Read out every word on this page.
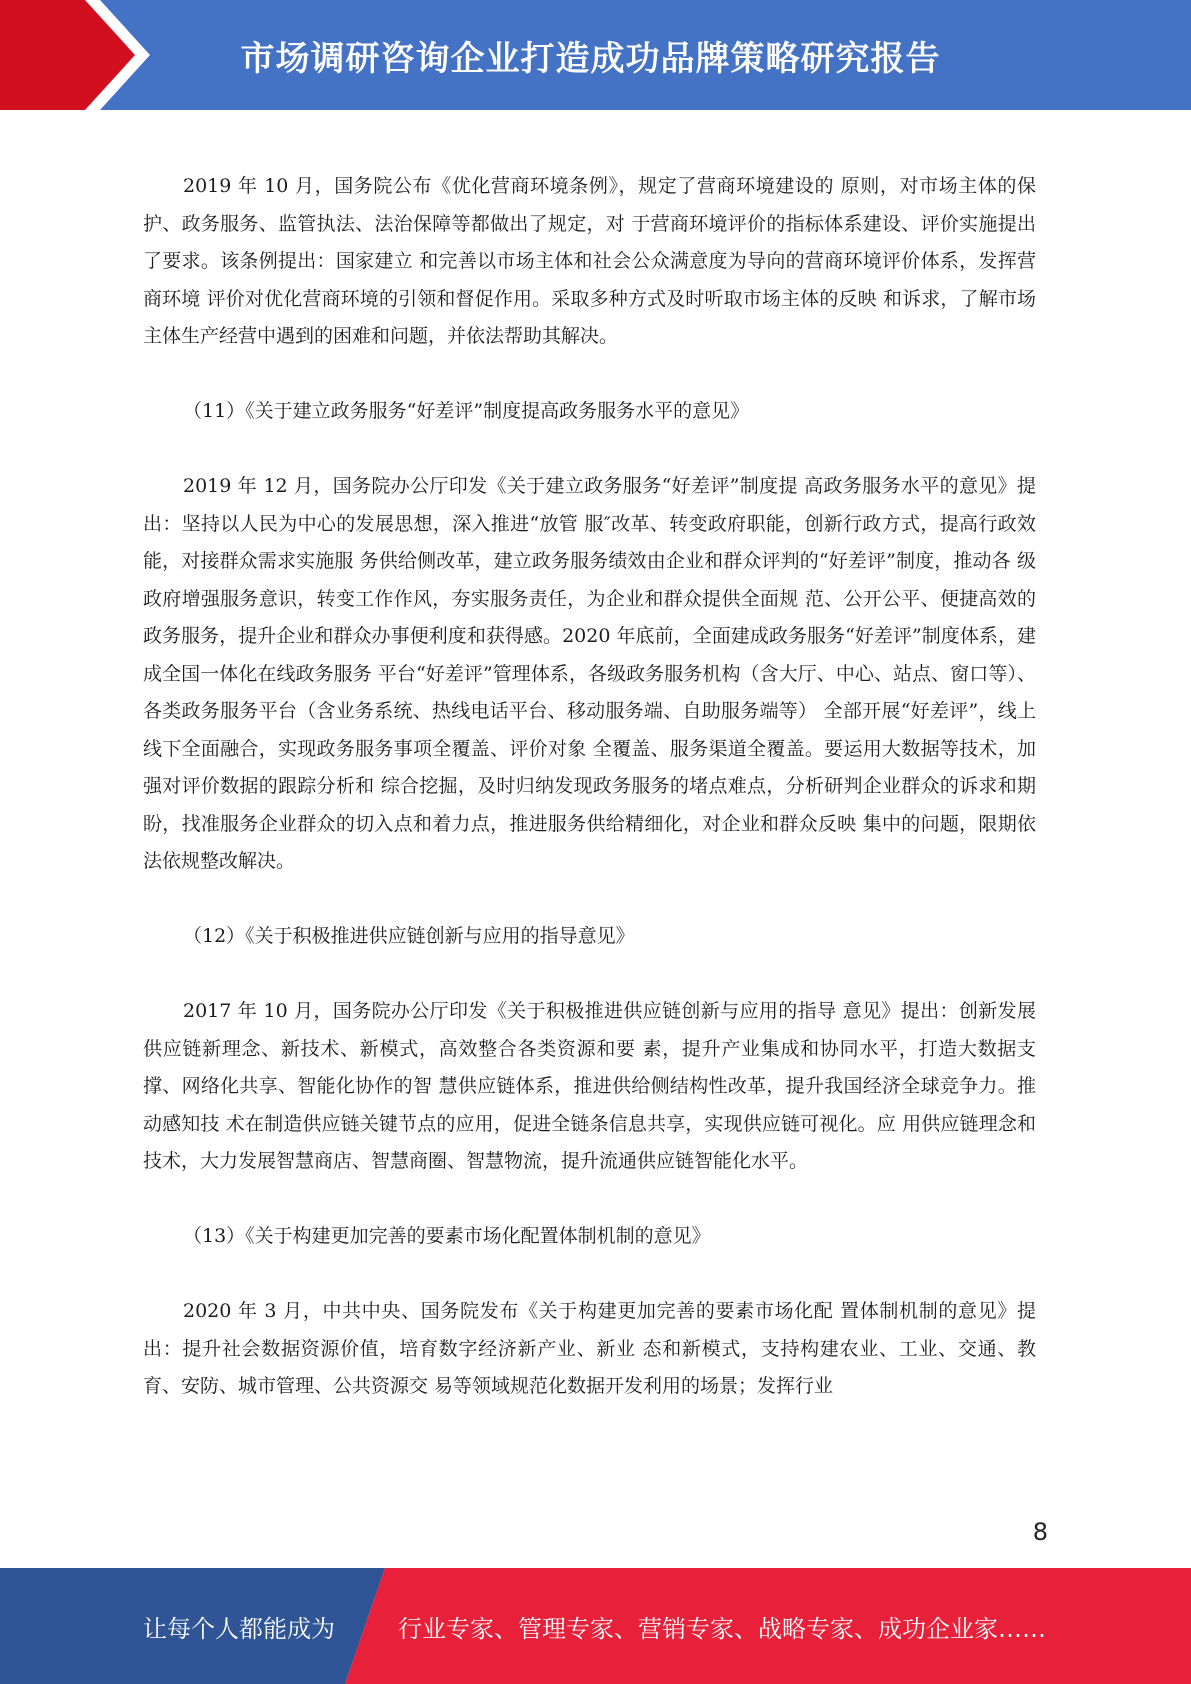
市场调研咨询企业打造成功品牌策略研究报告

2019 年 10 月，国务院公布《优化营商环境条例》，规定了营商环境建设的 原则，对市场主体的保护、政务服务、监管执法、法治保障等都做出了规定，对 于营商环境评价的指标体系建设、评价实施提出了要求。该条例提出：国家建立 和完善以市场主体和社会公众满意度为导向的营商环境评价体系，发挥营商环境 评价对优化营商环境的引领和督促作用。采取多种方式及时听取市场主体的反映 和诉求，了解市场主体生产经营中遇到的困难和问题，并依法帮助其解决。

（11）《关于建立政务服务“好差评”制度提高政务服务水平的意见》

2019 年 12 月，国务院办公厅印发《关于建立政务服务“好差评”制度提 高政务服务水平的意见》提出：坚持以人民为中心的发展思想，深入推进“放管 服″改革、转变政府职能，创新行政方式，提高行政效能，对接群众需求实施服 务供给侧改革，建立政务服务绩效由企业和群众评判的“好差评”制度，推动各 级政府增强服务意识，转变工作作风，夯实服务责任，为企业和群众提供全面规 范、公开公平、便捷高效的政务服务，提升企业和群众办事便利度和获得感。2020 年底前，全面建成政务服务“好差评”制度体系，建成全国一体化在线政务服务 平台“好差评”管理体系，各级政务服务机构（含大厅、中心、站点、窗口等）、 各类政务服务平台（含业务系统、热线电话平台、移动服务端、自助服务端等） 全部开展“好差评”，线上线下全面融合，实现政务服务事项全覆盖、评价对象 全覆盖、服务渠道全覆盖。要运用大数据等技术，加强对评价数据的跟踪分析和 综合挖掘，及时归纳发现政务服务的堵点难点，分析研判企业群众的诉求和期盼，找准服务企业群众的切入点和着力点，推进服务供给精细化，对企业和群众反映 集中的问题，限期依法依规整改解决。

（12）《关于积极推进供应链创新与应用的指导意见》

2017 年 10 月，国务院办公厅印发《关于积极推进供应链创新与应用的指导 意见》提出：创新发展供应链新理念、新技术、新模式，高效整合各类资源和要 素，提升产业集成和协同水平，打造大数据支撑、网络化共享、智能化协作的智 慧供应链体系，推进供给侧结构性改革，提升我国经济全球竞争力。推动感知技 术在制造供应链关键节点的应用，促进全链条信息共享，实现供应链可视化。应 用供应链理念和技术，大力发展智慧商店、智慧商圈、智慧物流，提升流通供应链智能化水平。

（13）《关于构建更加完善的要素市场化配置体制机制的意见》

2020 年 3 月，中共中央、国务院发布《关于构建更加完善的要素市场化配 置体制机制的意见》提出：提升社会数据资源价值，培育数字经济新产业、新业 态和新模式，支持构建农业、工业、交通、教育、安防、城市管理、公共资源交 易等领域规范化数据开发利用的场景；发挥行业

8
让每个人都能成为	行业专家、管理专家、营销专家、战略专家、成功企业家……
